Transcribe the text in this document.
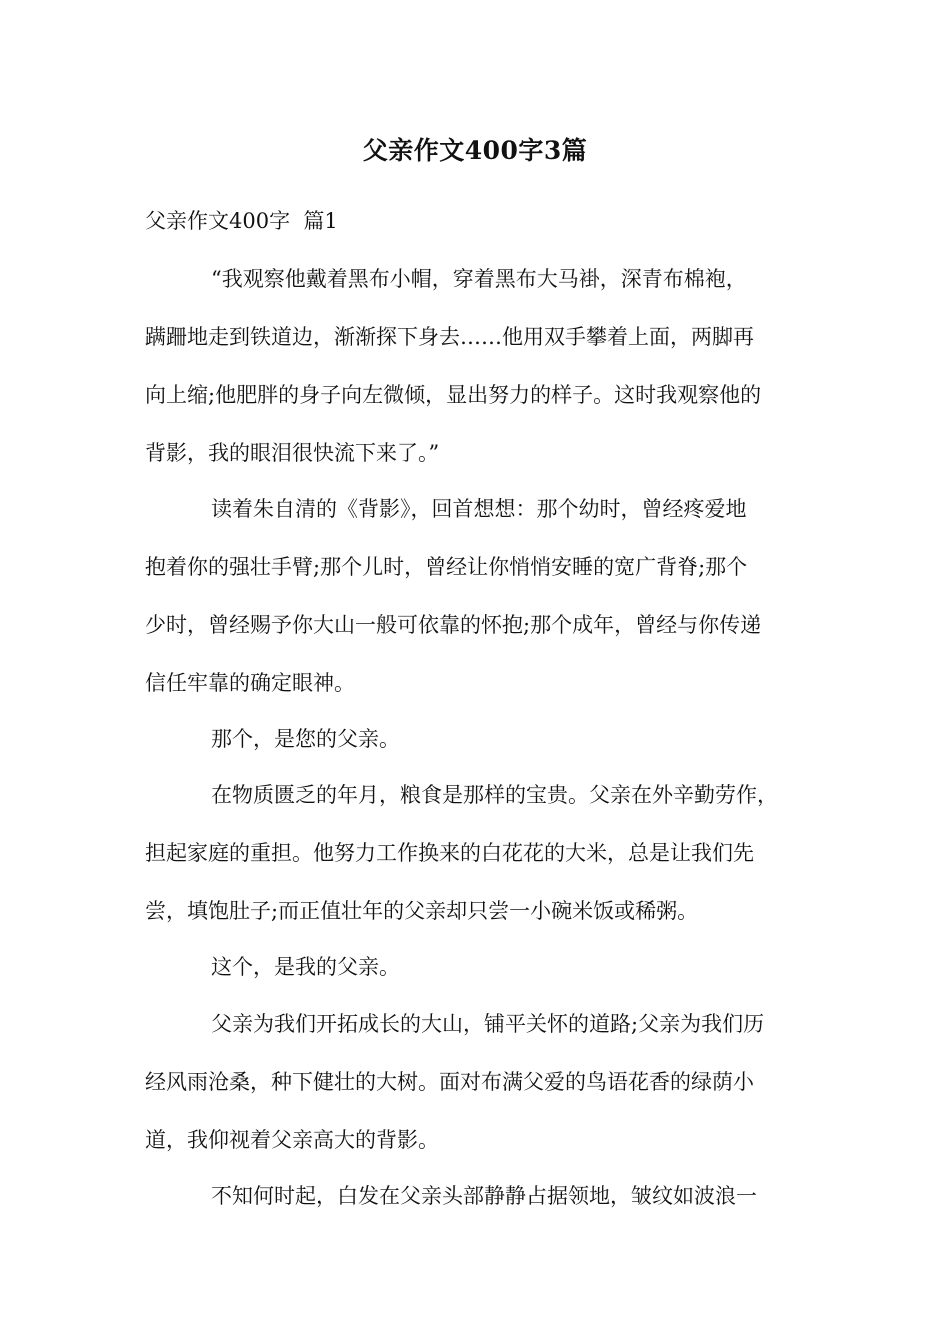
父亲作文400字3篇
父亲作文400字  篇1
“我观察他戴着黑布小帽，穿着黑布大马褂，深青布棉袍，
蹒跚地走到铁道边，渐渐探下身去……他用双手攀着上面，两脚再
向上缩;他肥胖的身子向左微倾，显出努力的样子。这时我观察他的
背影，我的眼泪很快流下来了。”
读着朱自清的《背影》，回首想想：那个幼时，曾经疼爱地
抱着你的强壮手臂;那个儿时，曾经让你悄悄安睡的宽广背脊;那个
少时，曾经赐予你大山一般可依靠的怀抱;那个成年，曾经与你传递
信任牢靠的确定眼神。
那个，是您的父亲。
在物质匮乏的年月，粮食是那样的宝贵。父亲在外辛勤劳作，
担起家庭的重担。他努力工作换来的白花花的大米，总是让我们先
尝，填饱肚子;而正值壮年的父亲却只尝一小碗米饭或稀粥。
这个，是我的父亲。
父亲为我们开拓成长的大山，铺平关怀的道路;父亲为我们历
经风雨沧桑，种下健壮的大树。面对布满父爱的鸟语花香的绿荫小
道，我仰视着父亲高大的背影。
不知何时起，白发在父亲头部静静占据领地，皱纹如波浪一
